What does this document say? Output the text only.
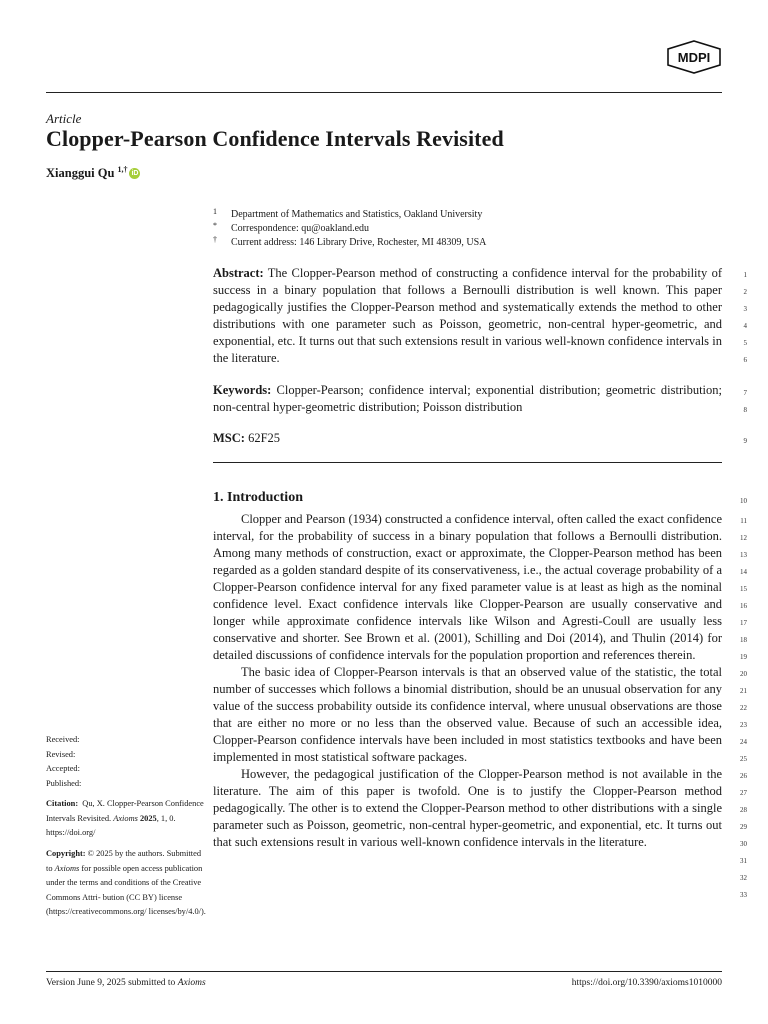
MDPI
Article
Clopper-Pearson Confidence Intervals Revisited
Xianggui Qu $^{1,\dagger}$ iD
1	Department of Mathematics and Statistics, Oakland University
*	Correspondence: qu@oakland.edu
†	Current address: 146 Library Drive, Rochester, MI 48309, USA

Abstract: The Clopper-Pearson method of constructing a confidence interval for the probability of success in a binary population that follows a Bernoulli distribution is well known. This paper pedagogically justifies the Clopper-Pearson method and systematically extends the method to other distributions with one parameter such as Poisson, geometric, non-central hyper-geometric, and exponential, etc. It turns out that such extensions result in various well-known confidence intervals in the literature.

Keywords: Clopper-Pearson; confidence interval; exponential distribution; geometric distribution; non-central hyper-geometric distribution; Poisson distribution

MSC: 62F25

1. Introduction

Clopper and Pearson (1934) constructed a confidence interval, often called the exact confidence interval, for the probability of success in a binary population that follows a Bernoulli distribution. Among many methods of construction, exact or approximate, the Clopper-Pearson method has been regarded as a golden standard despite of its conservativeness, i.e., the actual coverage probability of a Clopper-Pearson confidence interval for any fixed parameter value is at least as high as the nominal confidence level. Exact confidence intervals like Clopper-Pearson are usually conservative and longer while approximate confidence intervals like Wilson and Agresti-Coull are usually less conservative and shorter. See Brown et al. (2001), Schilling and Doi (2014), and Thulin (2014) for detailed discussions of confidence intervals for the population proportion and references therein.

The basic idea of Clopper-Pearson intervals is that an observed value of the statistic, the total number of successes which follows a binomial distribution, should be an unusual observation for any value of the success probability outside its confidence interval, where unusual observations are those that are either no more or no less than the observed value. Because of such an accessible idea, Clopper-Pearson confidence intervals have been included in most statistics textbooks and have been implemented in most statistical software packages.

However, the pedagogical justification of the Clopper-Pearson method is not available in the literature. The aim of this paper is twofold. One is to justify the Clopper-Pearson method pedagogically. The other is to extend the Clopper-Pearson method to other distributions with a single parameter such as Poisson, geometric, non-central hyper-geometric, and exponential, etc. It turns out that such extensions result in various well-known confidence intervals in the literature.

1
2
3
4
5
6
7
8
9
10
11
12
13
14
15
16
17
18
19
20
21
22
23
24
25
26
27
28
29
30
31
32
33
Received:
Revised:
Accepted:
Published:
Citation: Qu, X. Clopper-Pearson Confidence Intervals Revisited. Axioms 2025, 1, 0. https://doi.org/
Copyright: © 2025 by the authors. Submitted to Axioms for possible open access publication under the terms and conditions of the Creative Commons Attri- bution (CC BY) license (https://creativecommons.org/ licenses/by/4.0/).
Version June 9, 2025 submitted to Axioms	https://doi.org/10.3390/axioms1010000
